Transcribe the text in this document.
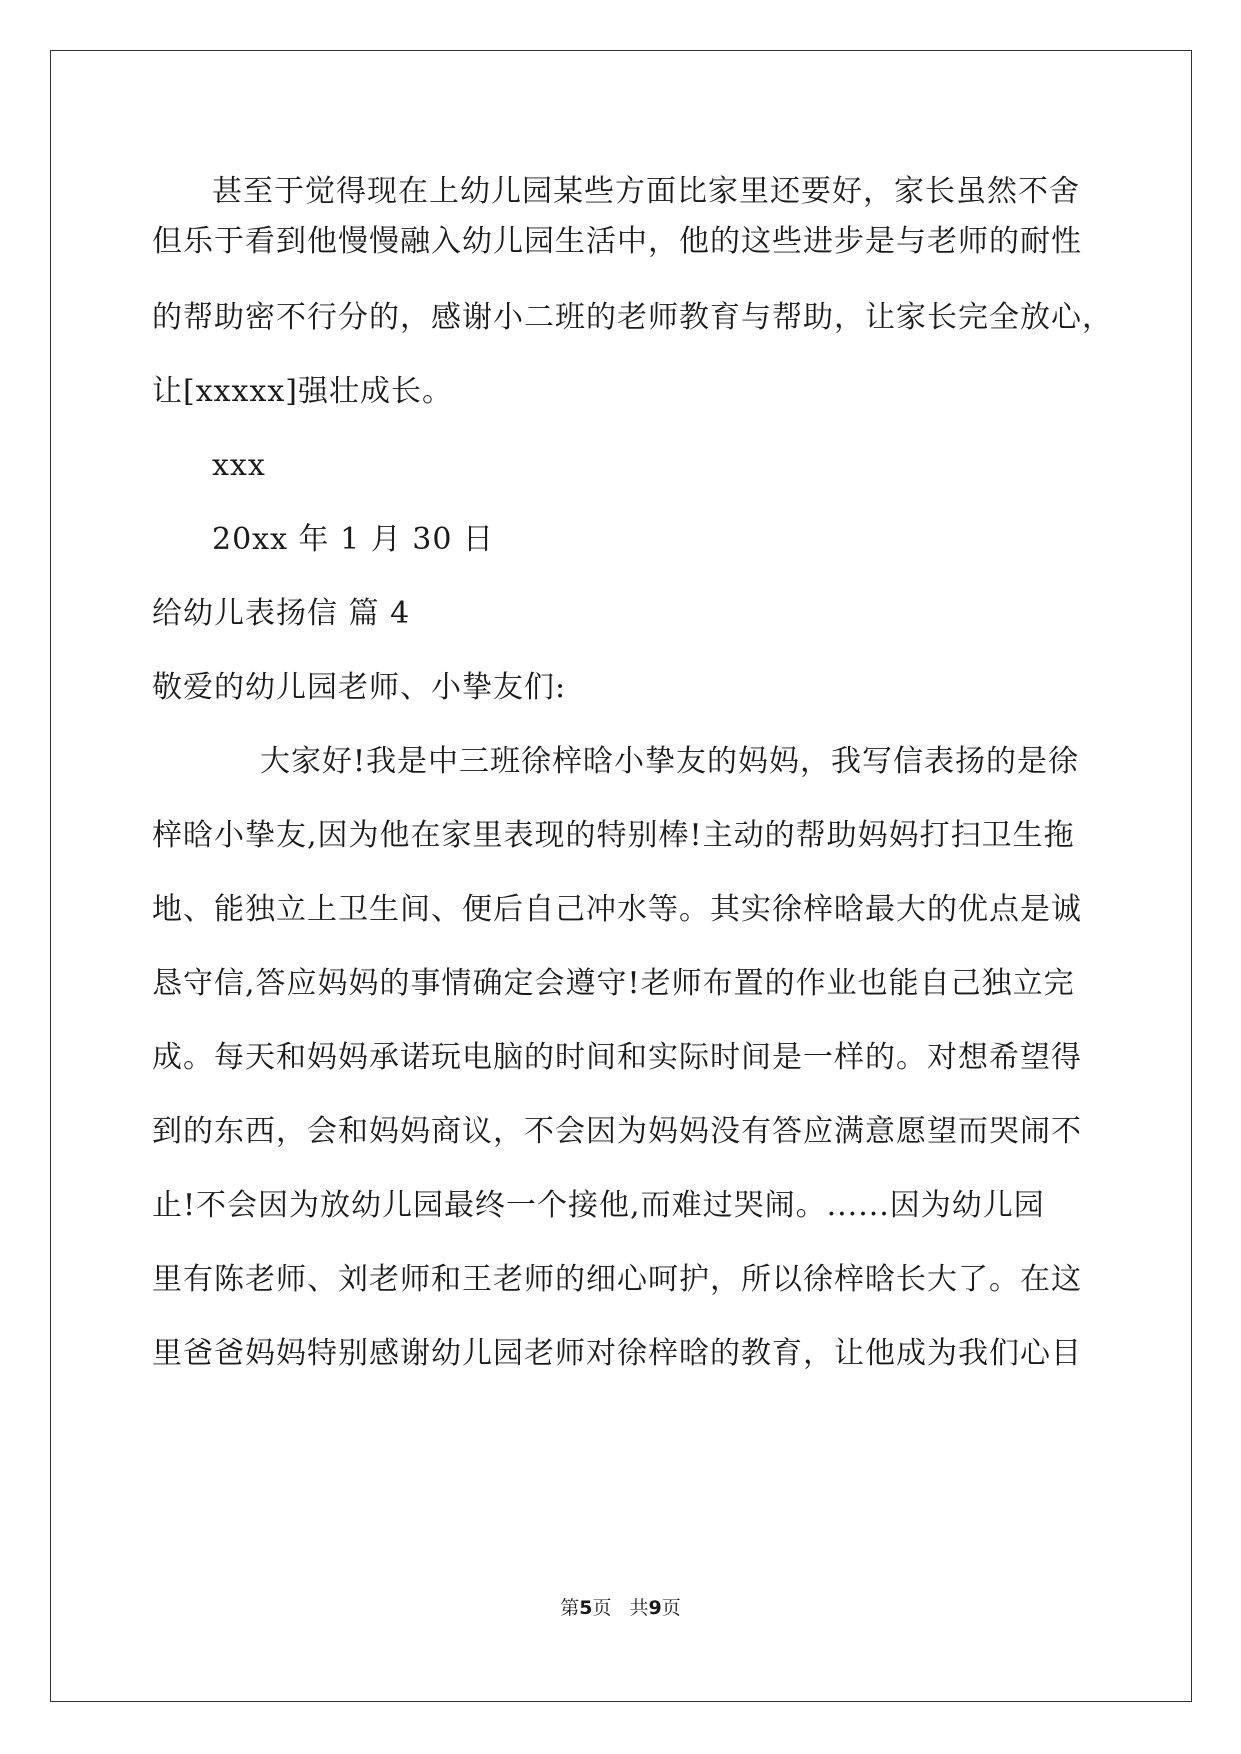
甚至于觉得现在上幼儿园某些方面比家里还要好，家长虽然不舍
但乐于看到他慢慢融入幼儿园生活中，他的这些进步是与老师的耐性
的帮助密不行分的，感谢小二班的老师教育与帮助，让家长完全放心，
让[xxxxx]强壮成长。
xxx
20xx 年 1 月 30 日
给幼儿表扬信 篇 4
敬爱的幼儿园老师、小挚友们:
大家好!我是中三班徐梓晗小挚友的妈妈，我写信表扬的是徐
梓晗小挚友,因为他在家里表现的特别棒!主动的帮助妈妈打扫卫生拖
地、能独立上卫生间、便后自己冲水等。其实徐梓晗最大的优点是诚
恳守信,答应妈妈的事情确定会遵守!老师布置的作业也能自己独立完
成。每天和妈妈承诺玩电脑的时间和实际时间是一样的。对想希望得
到的东西，会和妈妈商议，不会因为妈妈没有答应满意愿望而哭闹不
止!不会因为放幼儿园最终一个接他,而难过哭闹。......因为幼儿园
里有陈老师、刘老师和王老师的细心呵护，所以徐梓晗长大了。在这
里爸爸妈妈特别感谢幼儿园老师对徐梓晗的教育，让他成为我们心目
第5页 共9页
